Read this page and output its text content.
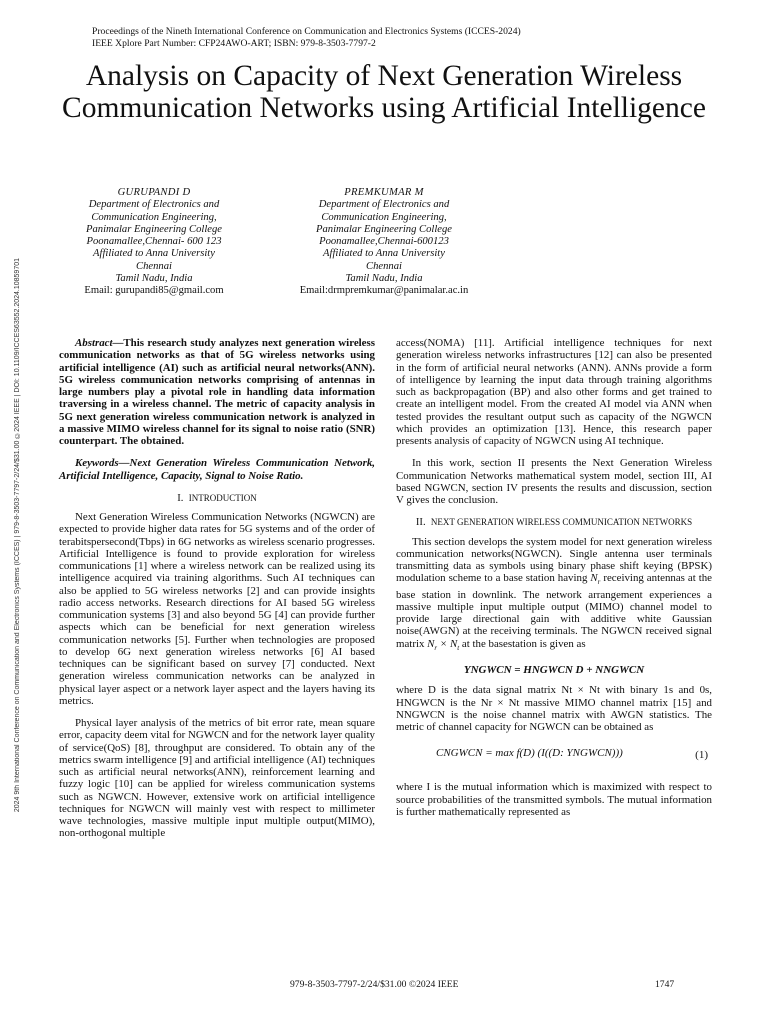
Proceedings of the Nineth International Conference on Communication and Electronics Systems (ICCES-2024)
IEEE Xplore Part Number: CFP24AWO-ART; ISBN: 979-8-3503-7797-2
2024 9th International Conference on Communication and Electronics Systems (ICCES) | 979-8-3503-7797-2/24/$31.00 ©2024 IEEE | DOI: 10.1109/ICCES63552.2024.10859701
Analysis on Capacity of Next Generation Wireless Communication Networks using Artificial Intelligence
GURUPANDI D
Department of Electronics and
Communication Engineering,
Panimalar Engineering College
Poonamallee,Chennai- 600 123
Affiliated to Anna University
Chennai
Tamil Nadu, India
Email: gurupandi85@gmail.com
PREMKUMAR M
Department of Electronics and
Communication Engineering,
Panimalar Engineering College
Poonamallee,Chennai-600123
Affiliated to Anna University
Chennai
Tamil Nadu, India
Email:drmpremkumar@panimalar.ac.in

Abstract—This research study analyzes next generation wireless communication networks as that of 5G wireless networks using artificial intelligence (AI) such as artificial neural networks(ANN). 5G wireless communication networks comprising of antennas in large numbers play a pivotal role in handling data information traversing in a wireless channel. The metric of capacity analysis in 5G next generation wireless communication network is analyzed in a massive MIMO wireless channel for its signal to noise ratio (SNR) counterpart. The obtained.

Keywords—Next Generation Wireless Communication Network, Artificial Intelligence, Capacity, Signal to Noise Ratio.

I. INTRODUCTION

Next Generation Wireless Communication Networks (NGWCN) are expected to provide higher data rates for 5G systems and of the order of terabitspersecond(Tbps) in 6G networks as wireless scenario progresses. Artificial Intelligence is found to provide exploration for wireless communications [1] where a wireless network can be realized using its intelligence acquired via training algorithms. Such AI techniques can also be applied to 5G wireless networks [2] and can provide insights radio access networks. Research directions for AI based 5G wireless communication systems [3] and also beyond 5G [4] can provide further aspects which can be beneficial for next generation wireless communication networks [5]. Further when technologies are proposed to develop 6G next generation wireless networks [6] AI based techniques can be significant based on survey [7] conducted. Next generation wireless communication networks can be analyzed in physical layer aspect or a network layer aspect and the layers having its metrics.

Physical layer analysis of the metrics of bit error rate, mean square error, capacity deem vital for NGWCN and for the network layer quality of service(QoS) [8], throughput are considered. To obtain any of the metrics swarm intelligence [9] and artificial intelligence (AI) techniques such as artificial neural networks(ANN), reinforcement learning and fuzzy logic [10] can be applied for wireless communication systems such as NGWCN. However, extensive work on artificial intelligence techniques for NGWCN will mainly vest with respect to millimeter wave technologies, massive multiple input multiple output(MIMO), non-orthogonal multiple

access(NOMA) [11]. Artificial intelligence techniques for next generation wireless networks infrastructures [12] can also be presented in the form of artificial neural networks (ANN). ANNs provide a form of intelligence by learning the input data through training algorithms such as backpropagation (BP) and also other forms and get trained to create an intelligent model. From the created AI model via ANN when tested provides the resultant output such as capacity of the NGWCN which provides an optimization [13]. Hence, this research paper presents analysis of capacity of NGWCN using AI technique.

In this work, section II presents the Next Generation Wireless Communication Networks mathematical system model, section III, AI based NGWCN, section IV presents the results and discussion, section V gives the conclusion.

II. NEXT GENERATION WIRELESS COMMUNICATION NETWORKS

This section develops the system model for next generation wireless communication networks(NGWCN). Single antenna user terminals transmitting data as symbols using binary phase shift keying (BPSK) modulation scheme to a base station having $N_r$ receiving antennas at the base station in downlink. The network arrangement experiences a massive multiple input multiple output (MIMO) channel model to provide large directional gain with additive white Gaussian noise(AWGN) at the receiving terminals. The NGWCN received signal matrix $N_r \times N_t$ at the basestation is given as

YNGWCN = HNGWCN D + NNGWCN

where D is the data signal matrix Nt × Nt with binary 1s and 0s, HNGWCN is the Nr × Nt massive MIMO channel matrix [15] and NNGWCN is the noise channel matrix with AWGN statistics. The metric of channel capacity for NGWCN can be obtained as

CNGWCN = max f(D) (I((D: YNGWCN)))	(1)

where I is the mutual information which is maximized with respect to source probabilities of the transmitted symbols. The mutual information is further mathematically represented as

979-8-3503-7797-2/24/$31.00 ©2024 IEEE	1747
